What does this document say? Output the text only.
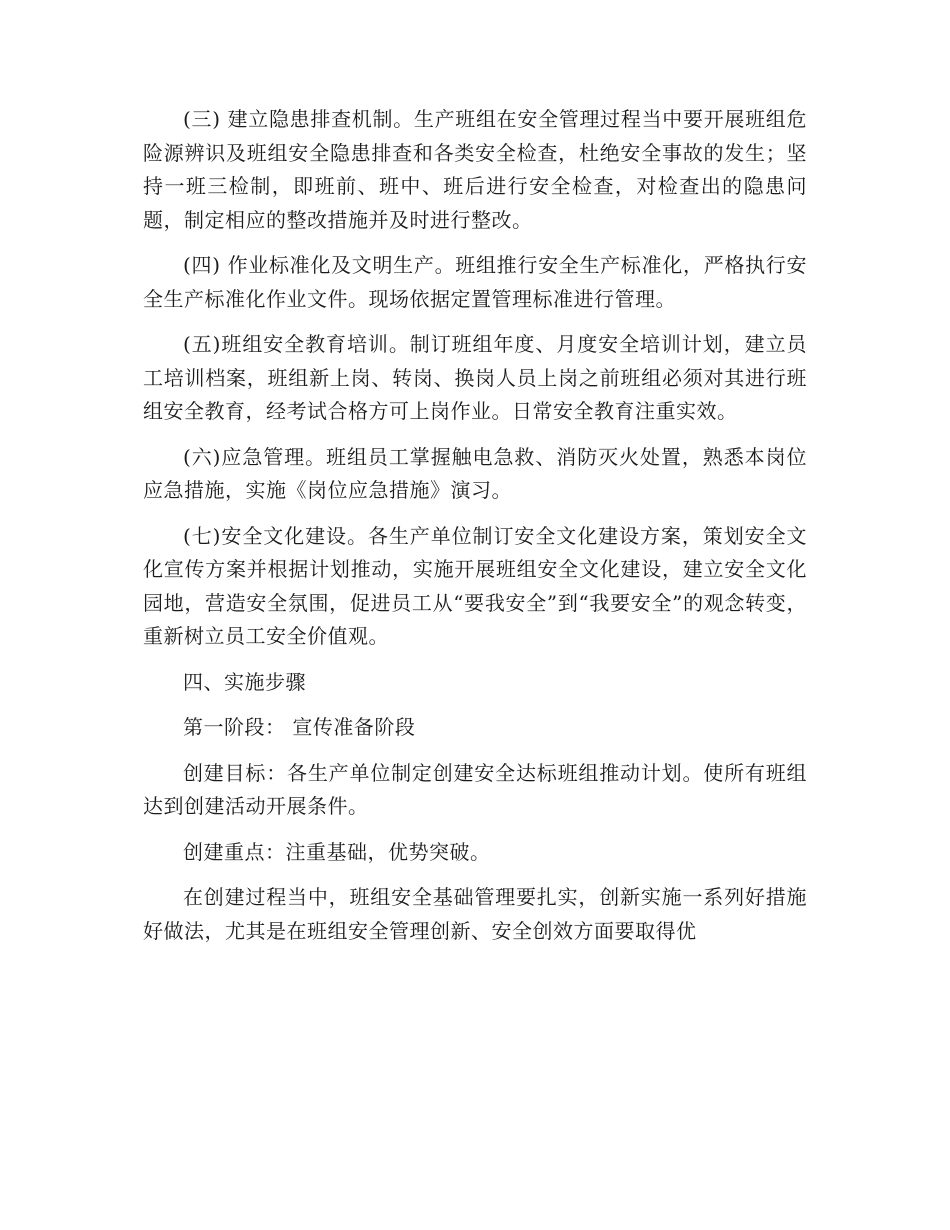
(三) 建立隐患排查机制。生产班组在安全管理过程当中要开展班组危险源辨识及班组安全隐患排查和各类安全检查，杜绝安全事故的发生；坚持一班三检制，即班前、班中、班后进行安全检查，对检查出的隐患问题，制定相应的整改措施并及时进行整改。

(四) 作业标准化及文明生产。班组推行安全生产标准化，严格执行安全生产标准化作业文件。现场依据定置管理标准进行管理。

(五)班组安全教育培训。制订班组年度、月度安全培训计划，建立员工培训档案，班组新上岗、转岗、换岗人员上岗之前班组必须对其进行班组安全教育，经考试合格方可上岗作业。日常安全教育注重实效。

(六)应急管理。班组员工掌握触电急救、消防灭火处置，熟悉本岗位应急措施，实施《岗位应急措施》演习。

(七)安全文化建设。各生产单位制订安全文化建设方案，策划安全文化宣传方案并根据计划推动，实施开展班组安全文化建设，建立安全文化园地，营造安全氛围，促进员工从“要我安全”到“我要安全”的观念转变，重新树立员工安全价值观。

四、实施步骤

第一阶段： 宣传准备阶段

创建目标：各生产单位制定创建安全达标班组推动计划。使所有班组达到创建活动开展条件。

创建重点：注重基础，优势突破。

在创建过程当中，班组安全基础管理要扎实，创新实施一系列好措施好做法，尤其是在班组安全管理创新、安全创效方面要取得优
